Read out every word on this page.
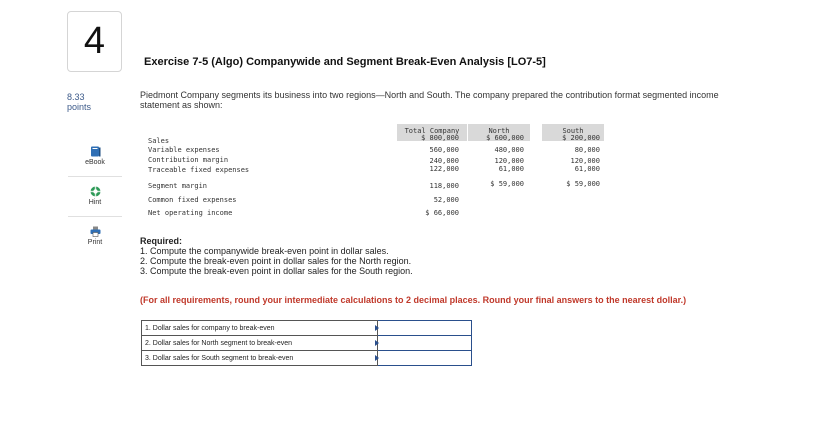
4
8.33
points
eBook
Hint
Print
Exercise 7-5 (Algo) Companywide and Segment Break-Even Analysis [LO7-5]
Piedmont Company segments its business into two regions—North and South. The company prepared the contribution format segmented income statement as shown:
Total Company	North	South
Sales	$ 800,000	$ 600,000	$ 200,000
Variable expenses	560,000	480,000	80,000
Contribution margin	240,000	120,000	120,000
Traceable fixed expenses	122,000	61,000	61,000
Segment margin	118,000	$ 59,000	$ 59,000
Common fixed expenses	52,000
Net operating income	$ 66,000
Required:
1. Compute the companywide break-even point in dollar sales.
2. Compute the break-even point in dollar sales for the North region.
3. Compute the break-even point in dollar sales for the South region.
(For all requirements, round your intermediate calculations to 2 decimal places. Round your final answers to the nearest dollar.)
1. Dollar sales for company to break-even	
2. Dollar sales for North segment to break-even	
3. Dollar sales for South segment to break-even	
